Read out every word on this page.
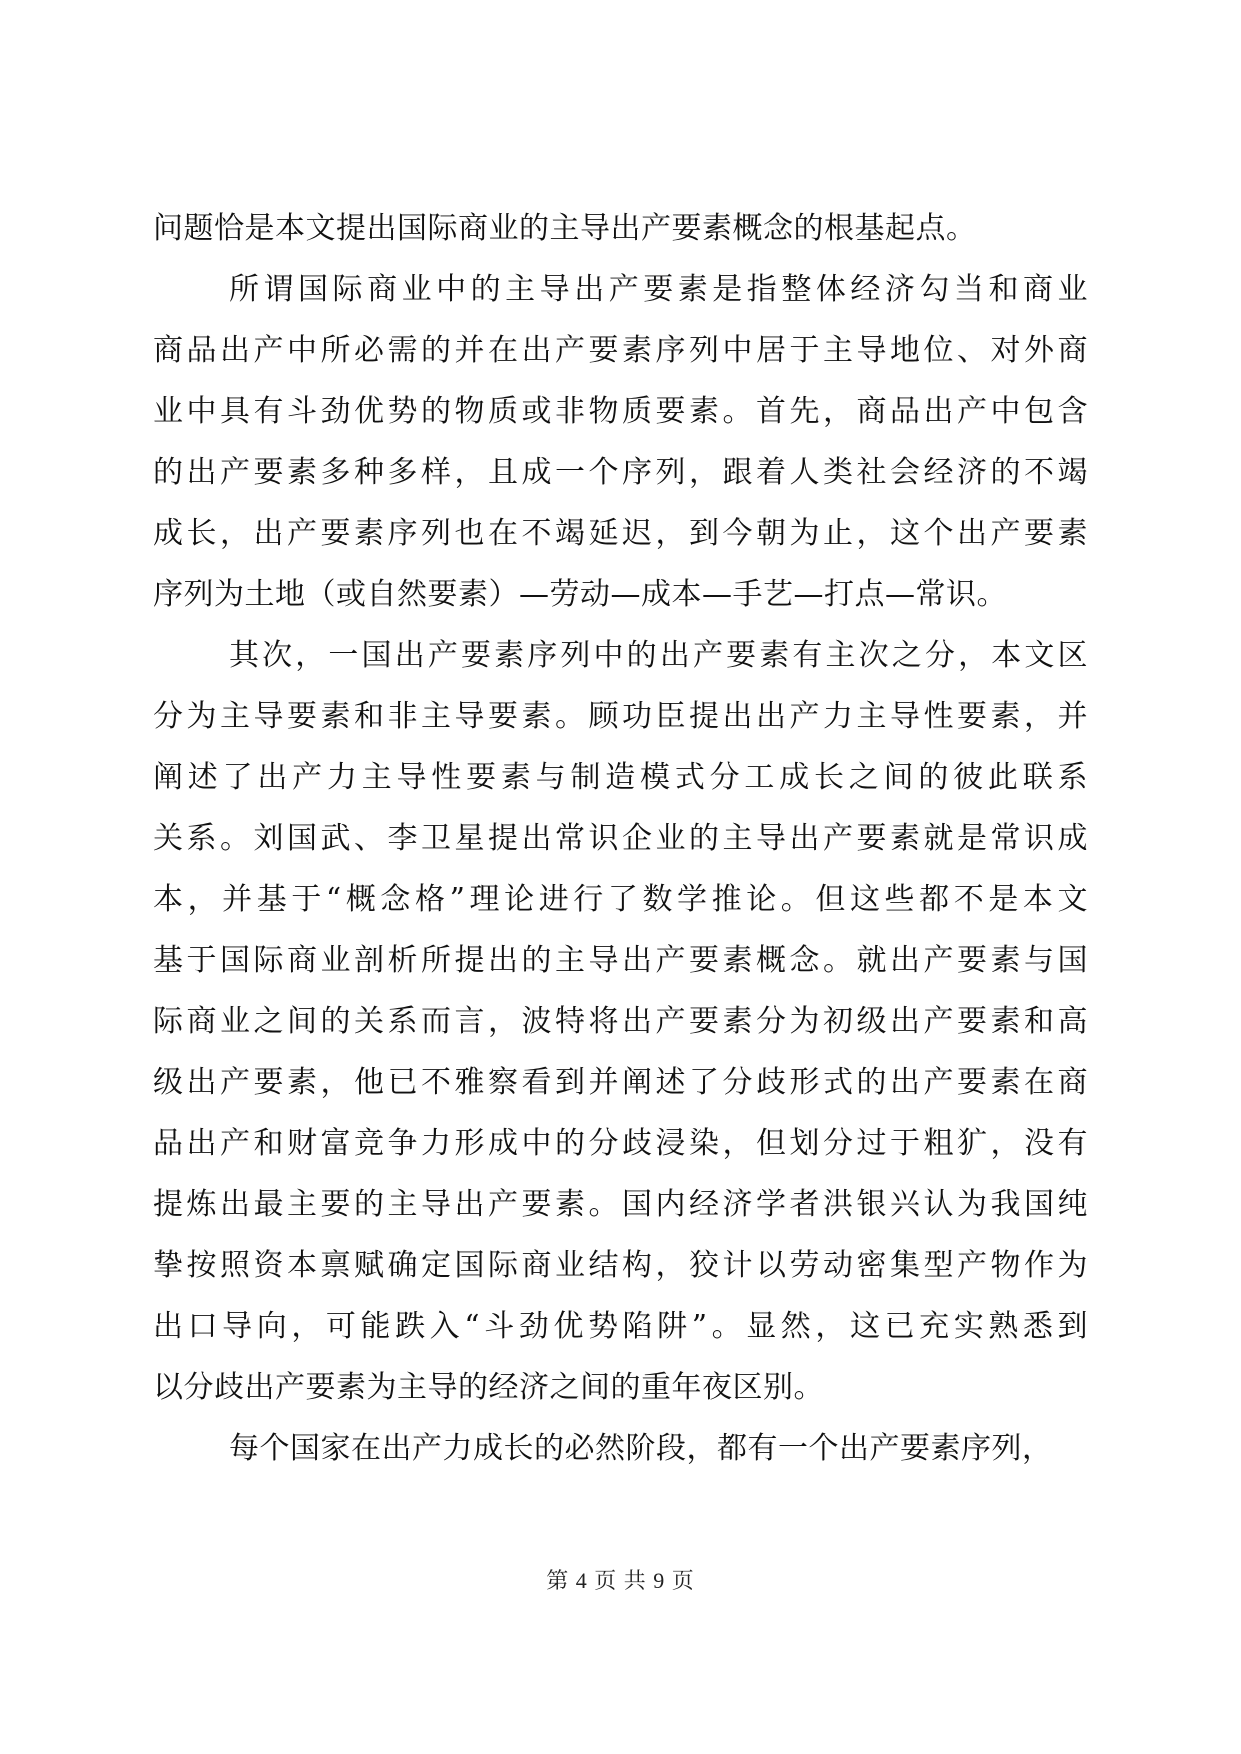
问题恰是本文提出国际商业的主导出产要素概念的根基起点。
所谓国际商业中的主导出产要素是指整体经济勾当和商业
商品出产中所必需的并在出产要素序列中居于主导地位、对外商
业中具有斗劲优势的物质或非物质要素。首先，商品出产中包含
的出产要素多种多样，且成一个序列，跟着人类社会经济的不竭
成长，出产要素序列也在不竭延迟，到今朝为止，这个出产要素
序列为土地（或自然要素）—劳动—成本—手艺—打点—常识。
其次，一国出产要素序列中的出产要素有主次之分，本文区
分为主导要素和非主导要素。顾功臣提出出产力主导性要素，并
阐述了出产力主导性要素与制造模式分工成长之间的彼此联系
关系。刘国武、李卫星提出常识企业的主导出产要素就是常识成
本，并基于“概念格”理论进行了数学推论。但这些都不是本文
基于国际商业剖析所提出的主导出产要素概念。就出产要素与国
际商业之间的关系而言，波特将出产要素分为初级出产要素和高
级出产要素，他已不雅察看到并阐述了分歧形式的出产要素在商
品出产和财富竞争力形成中的分歧浸染，但划分过于粗犷，没有
提炼出最主要的主导出产要素。国内经济学者洪银兴认为我国纯
挚按照资本禀赋确定国际商业结构，狡计以劳动密集型产物作为
出口导向，可能跌入“斗劲优势陷阱”。显然，这已充实熟悉到
以分歧出产要素为主导的经济之间的重年夜区别。
每个国家在出产力成长的必然阶段，都有一个出产要素序列，
第 4 页 共 9 页
